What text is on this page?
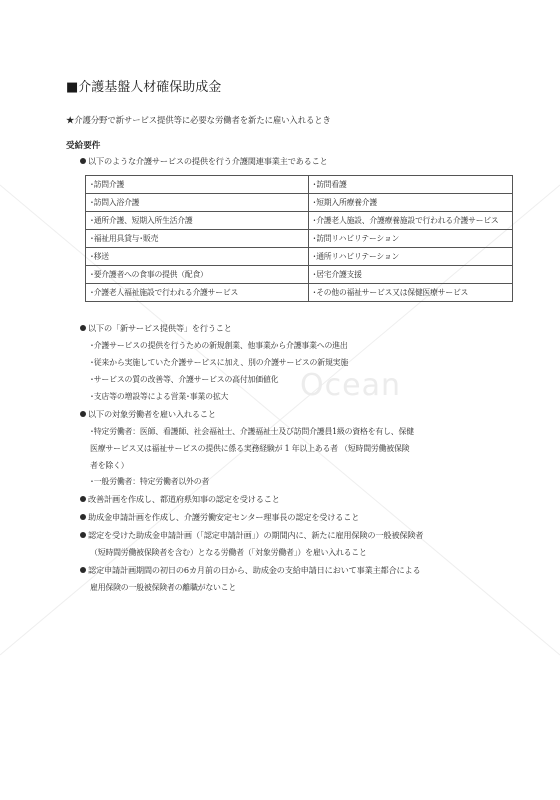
Ocean
■介護基盤人材確保助成金
★介護分野で新サービス提供等に必要な労働者を新たに雇い入れるとき
受給要件
以下のような介護サービスの提供を行う介護関連事業主であること
･訪問介護	･訪問看護
･訪問入浴介護	･短期入所療養介護
･通所介護、短期入所生活介護	･介護老人施設、介護療養施設で行われる介護サービス
･福祉用具貸与･販売	･訪問リハビリテーション
･移送	･通所リハビリテーション
･要介護者への食事の提供（配食）	･居宅介護支援
･介護老人福祉施設で行われる介護サービス	･その他の福祉サービス又は保健医療サービス
以下の「新サービス提供等」を行うこと
･介護サービスの提供を行うための新規創業、他事業から介護事業への進出
･従来から実施していた介護サービスに加え、別の介護サービスの新規実施
･サービスの質の改善等、介護サービスの高付加価値化
･支店等の増設等による営業･事業の拡大
以下の対象労働者を雇い入れること
･特定労働者：医師、看護師、社会福祉士、介護福祉士及び訪問介護員1級の資格を有し、保健
医療サービス又は福祉サービスの提供に係る実務経験が 1 年以上ある者 （短時間労働被保険
者を除く）
･一般労働者：特定労働者以外の者
改善計画を作成し、都道府県知事の認定を受けること
助成金申請計画を作成し、介護労働安定センター理事長の認定を受けること
認定を受けた助成金申請計画（「認定申請計画」）の期間内に、新たに雇用保険の一般被保険者
（短時間労働被保険者を含む）となる労働者（「対象労働者」）を雇い入れること
認定申請計画期間の初日の6カ月前の日から、助成金の支給申請日において事業主都合による
雇用保険の一般被保険者の離職がないこと
